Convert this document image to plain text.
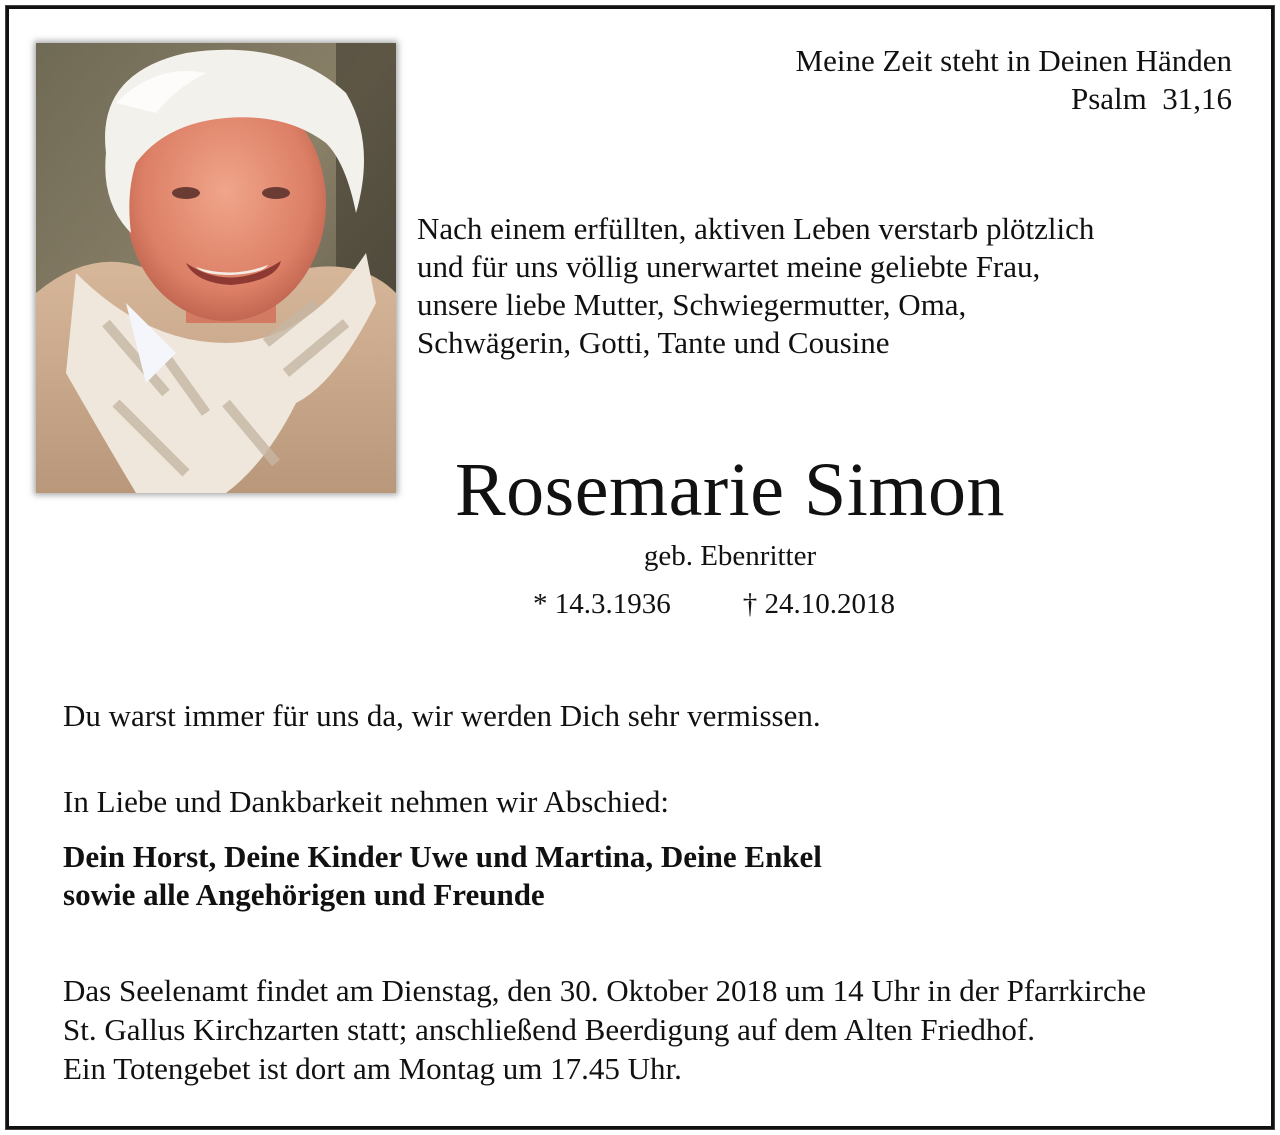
Meine Zeit steht in Deinen Händen
Psalm  31,16
Nach einem erfüllten, aktiven Leben verstarb plötzlich
und für uns völlig unerwartet meine geliebte Frau,
unsere liebe Mutter, Schwiegermutter, Oma,
Schwägerin, Gotti, Tante und Cousine
Rosemarie Simon
geb. Ebenritter
* 14.3.1936 † 24.10.2018
Du warst immer für uns da, wir werden Dich sehr vermissen.
In Liebe und Dankbarkeit nehmen wir Abschied:
Dein Horst, Deine Kinder Uwe und Martina, Deine Enkel
sowie alle Angehörigen und Freunde
Das Seelenamt findet am Dienstag, den 30. Oktober 2018 um 14 Uhr in der Pfarrkirche
St. Gallus Kirchzarten statt; anschließend Beerdigung auf dem Alten Friedhof.
Ein Totengebet ist dort am Montag um 17.45 Uhr.
